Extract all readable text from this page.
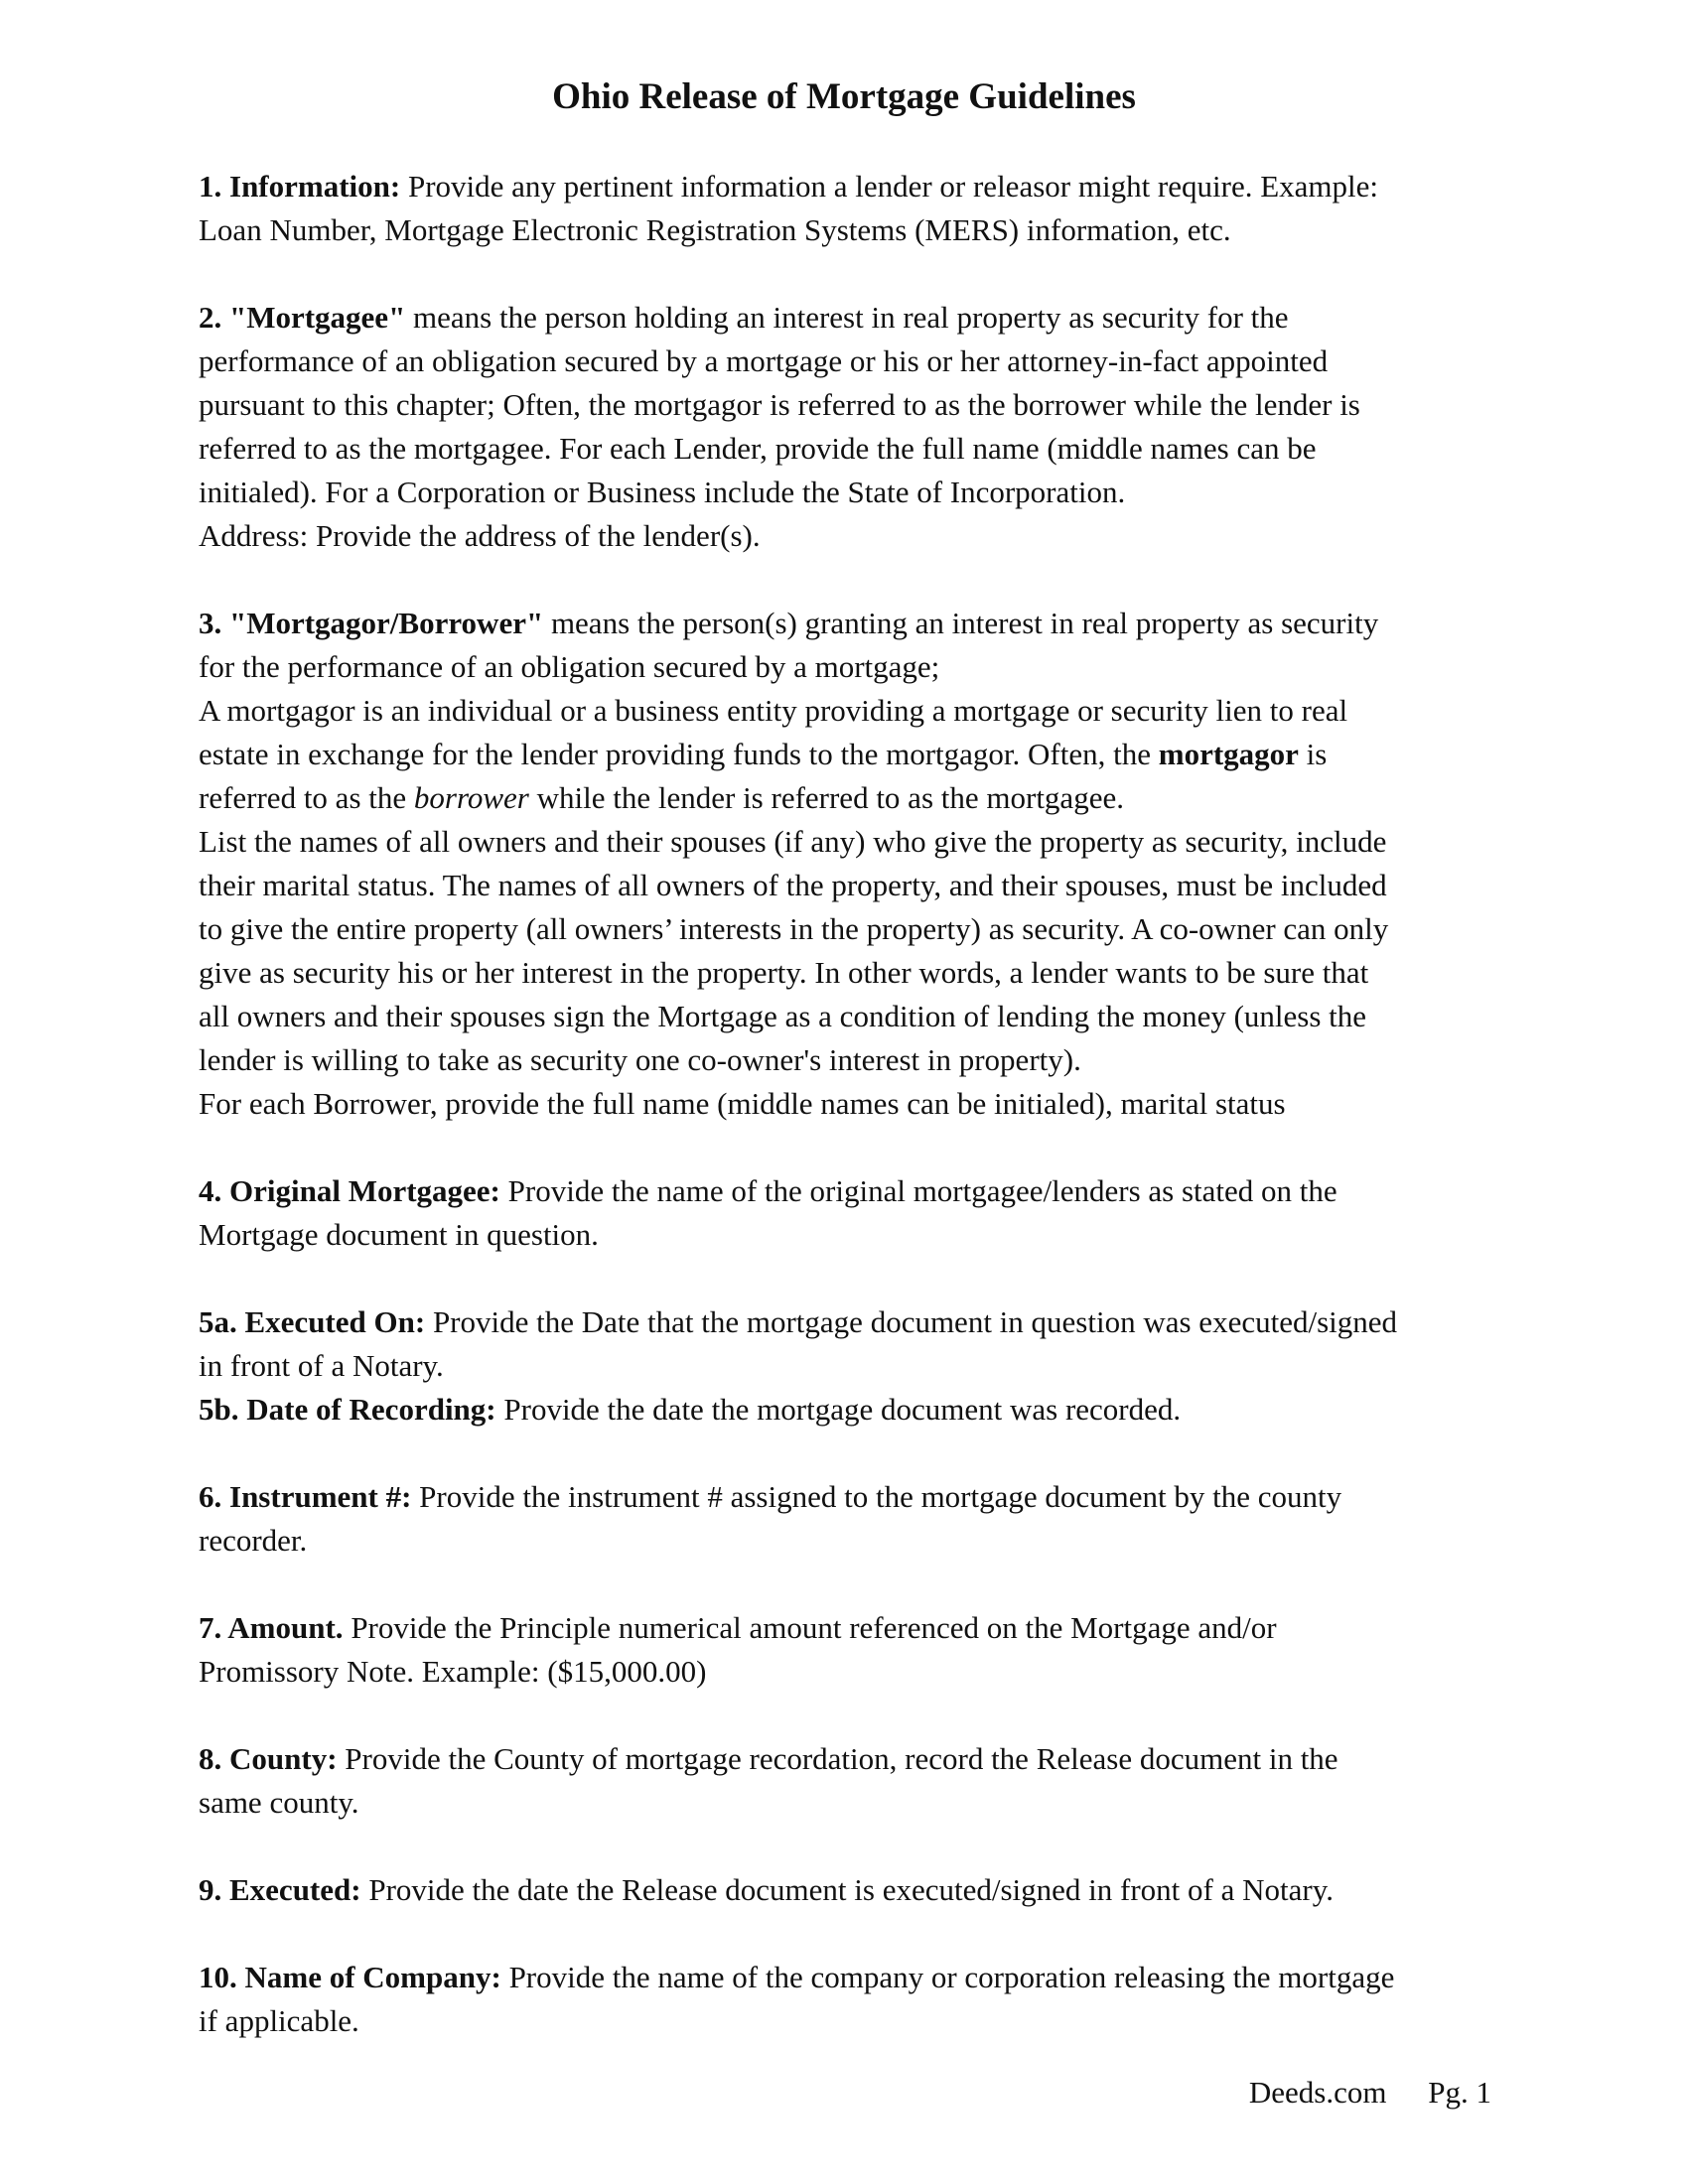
Ohio Release of Mortgage Guidelines
1. Information: Provide any pertinent information a lender or releasor might require. Example:
Loan Number, Mortgage Electronic Registration Systems (MERS) information, etc.
2. "Mortgagee" means the person holding an interest in real property as security for the
performance of an obligation secured by a mortgage or his or her attorney-in-fact appointed
pursuant to this chapter; Often, the mortgagor is referred to as the borrower while the lender is
referred to as the mortgagee. For each Lender, provide the full name (middle names can be
initialed). For a Corporation or Business include the State of Incorporation.
Address: Provide the address of the lender(s).
3. "Mortgagor/Borrower" means the person(s) granting an interest in real property as security
for the performance of an obligation secured by a mortgage;
A mortgagor is an individual or a business entity providing a mortgage or security lien to real
estate in exchange for the lender providing funds to the mortgagor. Often, the mortgagor is
referred to as the borrower while the lender is referred to as the mortgagee.
List the names of all owners and their spouses (if any) who give the property as security, include
their marital status. The names of all owners of the property, and their spouses, must be included
to give the entire property (all owners’ interests in the property) as security. A co-owner can only
give as security his or her interest in the property. In other words, a lender wants to be sure that
all owners and their spouses sign the Mortgage as a condition of lending the money (unless the
lender is willing to take as security one co-owner's interest in property).
For each Borrower, provide the full name (middle names can be initialed), marital status
4. Original Mortgagee: Provide the name of the original mortgagee/lenders as stated on the
Mortgage document in question.
5a. Executed On: Provide the Date that the mortgage document in question was executed/signed
in front of a Notary.
5b. Date of Recording: Provide the date the mortgage document was recorded.
6. Instrument #: Provide the instrument # assigned to the mortgage document by the county
recorder.
7. Amount. Provide the Principle numerical amount referenced on the Mortgage and/or
Promissory Note. Example: ($15,000.00)
8. County: Provide the County of mortgage recordation, record the Release document in the
same county.
9. Executed: Provide the date the Release document is executed/signed in front of a Notary.
10. Name of Company: Provide the name of the company or corporation releasing the mortgage
if applicable.
Deeds.com Pg. 1
